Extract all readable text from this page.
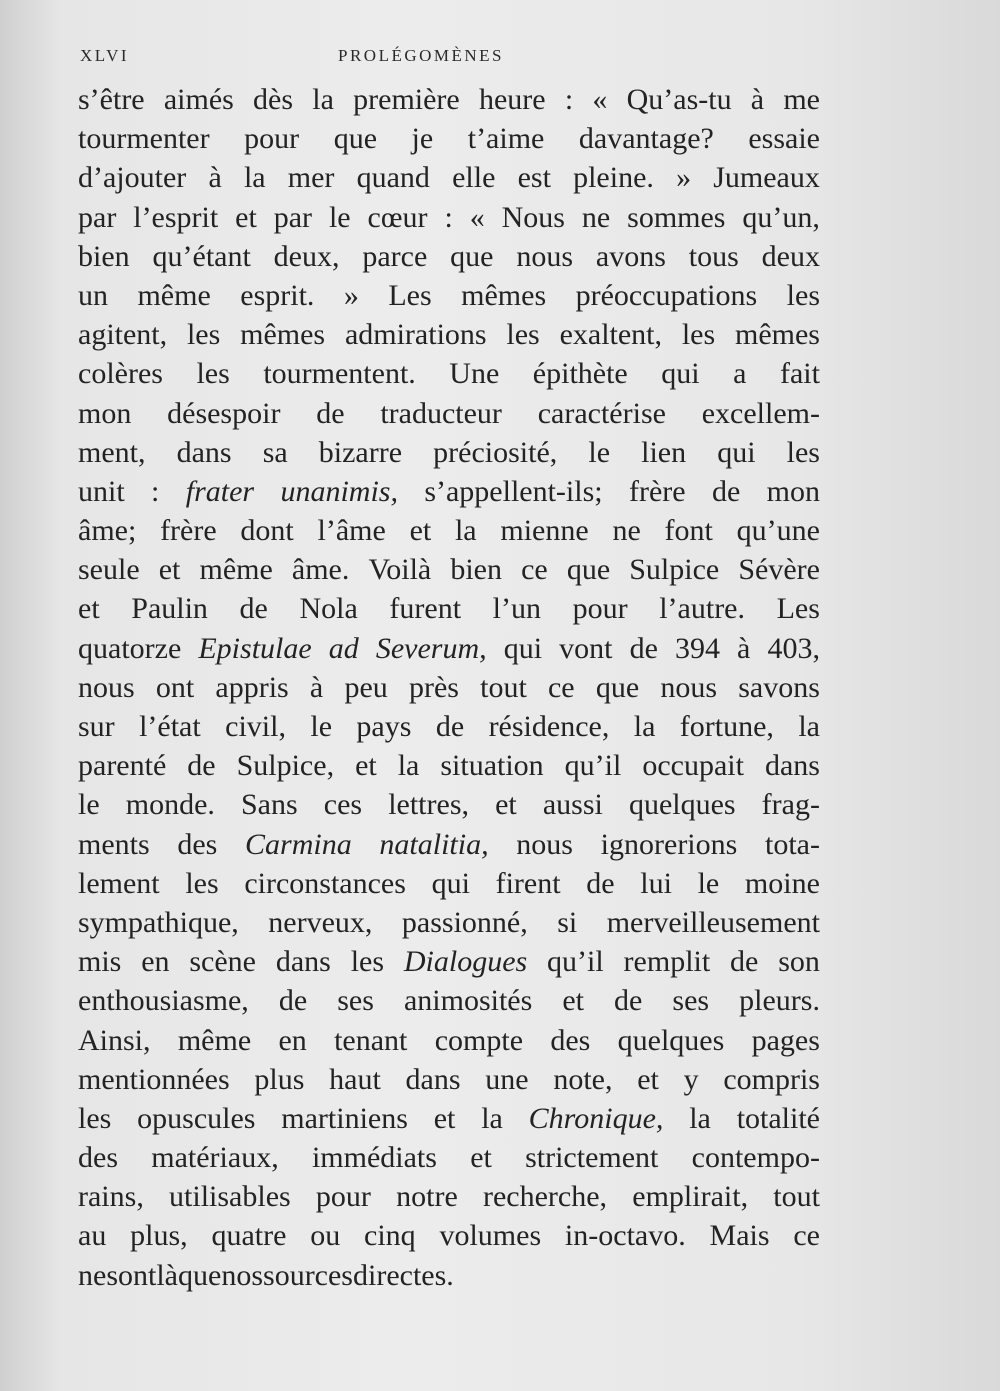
XLVI	PROLÉGOMÈNES
s’être aimés dès la première heure : « Qu’as-tu à me
tourmenter pour que je t’aime davantage? essaie
d’ajouter à la mer quand elle est pleine. » Jumeaux
par l’esprit et par le cœur : « Nous ne sommes qu’un,
bien qu’étant deux, parce que nous avons tous deux
un même esprit. » Les mêmes préoccupations les
agitent, les mêmes admirations les exaltent, les mêmes
colères les tourmentent. Une épithète qui a fait
mon désespoir de traducteur caractérise excellem-
ment, dans sa bizarre préciosité, le lien qui les
unit : frater unanimis, s’appellent-ils; frère de mon
âme; frère dont l’âme et la mienne ne font qu’une
seule et même âme. Voilà bien ce que Sulpice Sévère
et Paulin de Nola furent l’un pour l’autre. Les
quatorze Epistulae ad Severum, qui vont de 394 à 403,
nous ont appris à peu près tout ce que nous savons
sur l’état civil, le pays de résidence, la fortune, la
parenté de Sulpice, et la situation qu’il occupait dans
le monde. Sans ces lettres, et aussi quelques frag-
ments des Carmina natalitia, nous ignorerions tota-
lement les circonstances qui firent de lui le moine
sympathique, nerveux, passionné, si merveilleusement
mis en scène dans les Dialogues qu’il remplit de son
enthousiasme, de ses animosités et de ses pleurs.
Ainsi, même en tenant compte des quelques pages
mentionnées plus haut dans une note, et y compris
les opuscules martiniens et la Chronique, la totalité
des matériaux, immédiats et strictement contempo-
rains, utilisables pour notre recherche, emplirait, tout
au plus, quatre ou cinq volumes in-octavo. Mais ce
ne sont là que nos sources directes.
